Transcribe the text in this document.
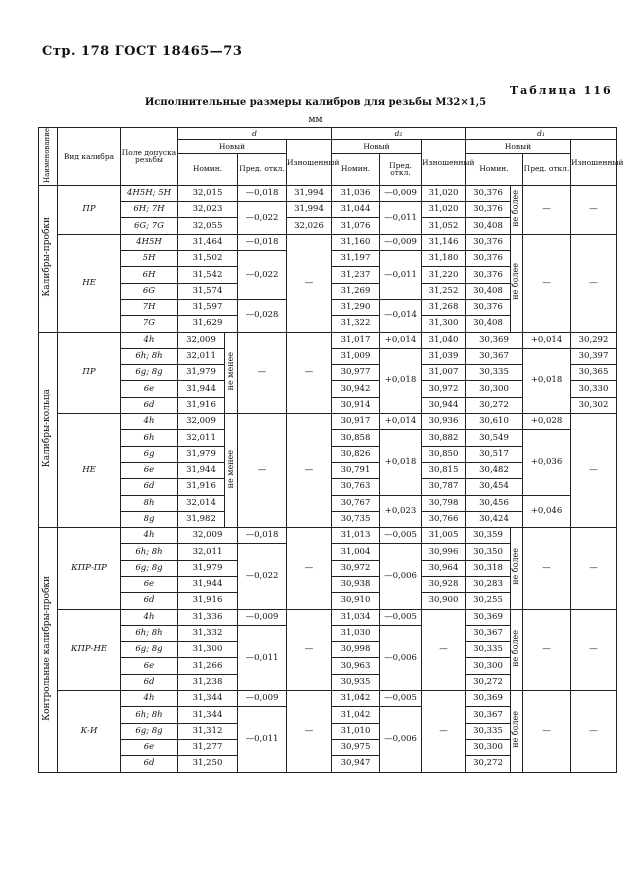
Стр. 178 ГОСТ 18465—73
Таблица 116
Исполнительные размеры калибров для резьбы M32×1,5
мм
Наименование	Вид калибра	Поле допуска резьбы	d				d₂			d₁			
			Новый			Изношенный	Новый		Изношенный	Новый			Изношенный
			Номин.		Пред. откл.		Номин.	Пред. откл.		Номин.		Пред. откл.	
Калибры-пробки	ПР	4H5H; 5H	32,015		—0,018	31,994	31,036	—0,009	31,020	30,376	не более	—	—
		6H; 7H	32,023		—0,022	31,994	31,044	—0,011	31,020	30,376			
		6G; 7G	32,055			32,026	31,076		31,052	30,408			
	НЕ	4H5H	31,464		—0,018	—	31,160	—0,009	31,146	30,376	не более	—	—
		5H	31,502		—0,022		31,197	—0,011	31,180	30,376			
		6H	31,542				31,237		31,220	30,376			
		6G	31,574				31,269		31,252	30,408			
		7H	31,597		—0,028		31,290	—0,014	31,268	30,376			
		7G	31,629				31,322		31,300	30,408			
Калибры-кольца	ПР	4h	32,009	не менее	—	—	31,017	+0,014	31,040	30,369		+0,014	30,292
		6h; 8h	32,011				31,009	+0,018	31,039	30,367		+0,018	30,397
		6g; 8g	31,979				30,977		31,007	30,335			30,365
		6e	31,944				30,942		30,972	30,300			30,330
		6d	31,916				30,914		30,944	30,272			30,302
	НЕ	4h	32,009	не менее	—	—	30,917	+0,014	30,936	30,610		+0,028	—
		6h	32,011				30,858	+0,018	30,882	30,549		+0,036	
		6g	31,979				30,826		30,850	30,517			
		6e	31,944				30,791		30,815	30,482			
		6d	31,916				30,763		30,787	30,454			
		8h	32,014				30,767	+0,023	30,798	30,456		+0,046	
		8g	31,982				30,735		30,766	30,424			
Контрольные калибры-пробки	КПР-ПР	4h	32,009		—0,018	—	31,013	—0,005	31,005	30,359	не более	—	—
		6h; 8h	32,011		—0,022		31,004	—0,006	30,996	30,350			
		6g; 8g	31,979				30,972		30,964	30,318			
		6e	31,944				30,938		30,928	30,283			
		6d	31,916				30,910		30,900	30,255			
	КПР-НЕ	4h	31,336		—0,009	—	31,034	—0,005	—	30,369	не более	—	—
		6h; 8h	31,332		—0,011		31,030	—0,006		30,367			
		6g; 8g	31,300				30,998			30,335			
		6e	31,266				30,963			30,300			
		6d	31,238				30,935			30,272			
	К-И	4h	31,344		—0,009	—	31,042	—0,005	—	30,369	не более	—	—
		6h; 8h	31,344		—0,011		31,042	—0,006		30,367			
		6g; 8g	31,312				31,010			30,335			
		6e	31,277				30,975			30,300			
		6d	31,250				30,947			30,272			
